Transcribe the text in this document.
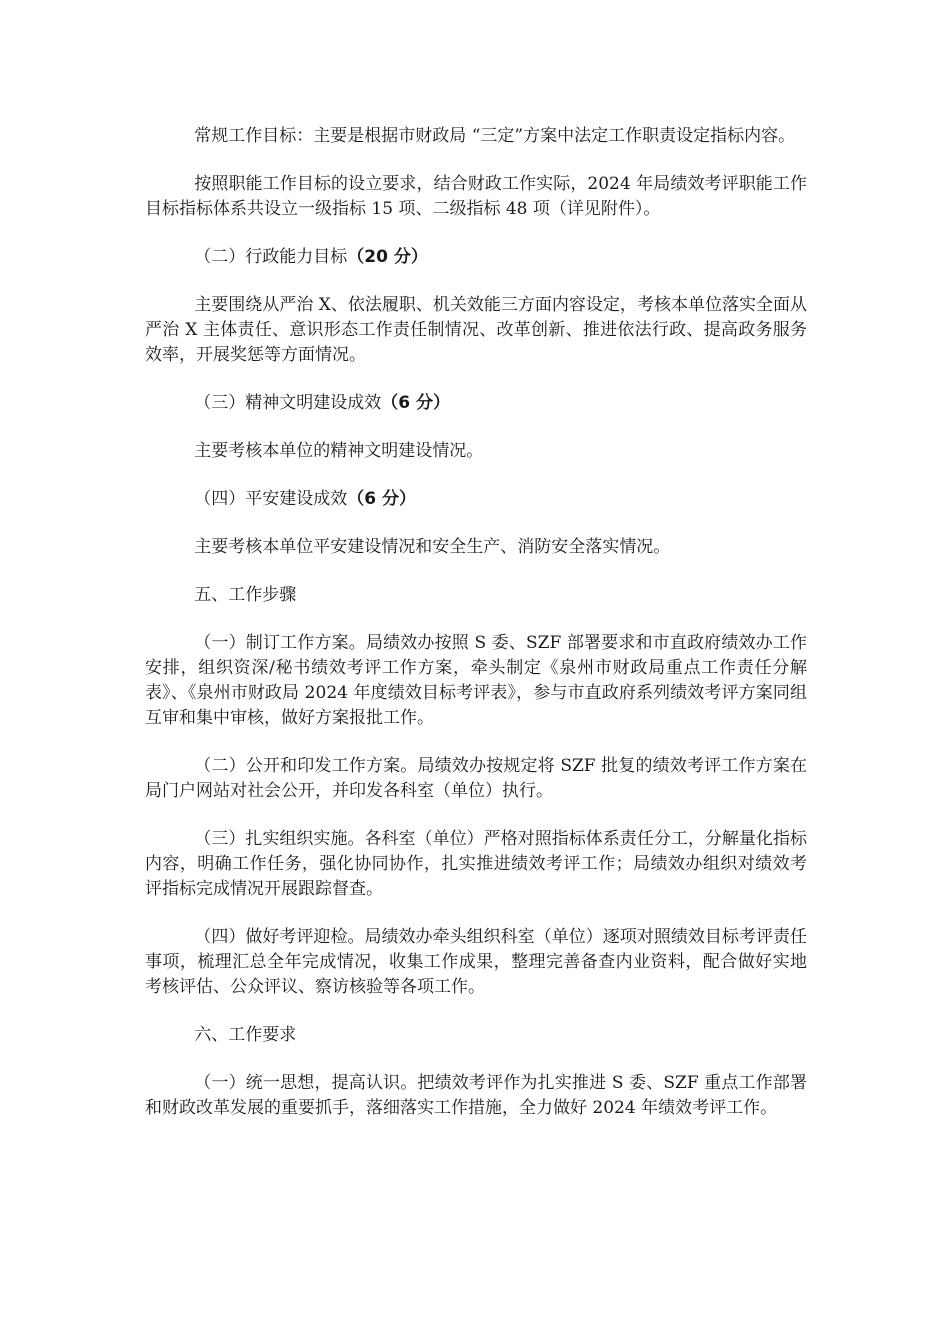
常规工作目标：主要是根据市财政局 “三定”方案中法定工作职责设定指标内容。

按照职能工作目标的设立要求，结合财政工作实际，2024 年局绩效考评职能工作目标指标体系共设立一级指标 15 项、二级指标 48 项（详见附件）。

（二）行政能力目标（20 分）

主要围绕从严治 X、依法履职、机关效能三方面内容设定，考核本单位落实全面从严治 X 主体责任、意识形态工作责任制情况、改革创新、推进依法行政、提高政务服务效率，开展奖惩等方面情况。

（三）精神文明建设成效（6 分）

主要考核本单位的精神文明建设情况。

（四）平安建设成效（6 分）

主要考核本单位平安建设情况和安全生产、消防安全落实情况。

五、工作步骤

（一）制订工作方案。局绩效办按照 S 委、SZF 部署要求和市直政府绩效办工作安排，组织资深/秘书绩效考评工作方案，牵头制定《泉州市财政局重点工作责任分解表》、《泉州市财政局 2024 年度绩效目标考评表》，参与市直政府系列绩效考评方案同组互审和集中审核，做好方案报批工作。

（二）公开和印发工作方案。局绩效办按规定将 SZF 批复的绩效考评工作方案在局门户网站对社会公开，并印发各科室（单位）执行。

（三）扎实组织实施。各科室（单位）严格对照指标体系责任分工，分解量化指标内容，明确工作任务，强化协同协作，扎实推进绩效考评工作；局绩效办组织对绩效考评指标完成情况开展跟踪督查。

（四）做好考评迎检。局绩效办牵头组织科室（单位）逐项对照绩效目标考评责任事项，梳理汇总全年完成情况，收集工作成果，整理完善备查内业资料，配合做好实地考核评估、公众评议、察访核验等各项工作。

六、工作要求

（一）统一思想，提高认识。把绩效考评作为扎实推进 S 委、SZF 重点工作部署和财政改革发展的重要抓手，落细落实工作措施，全力做好 2024 年绩效考评工作。
